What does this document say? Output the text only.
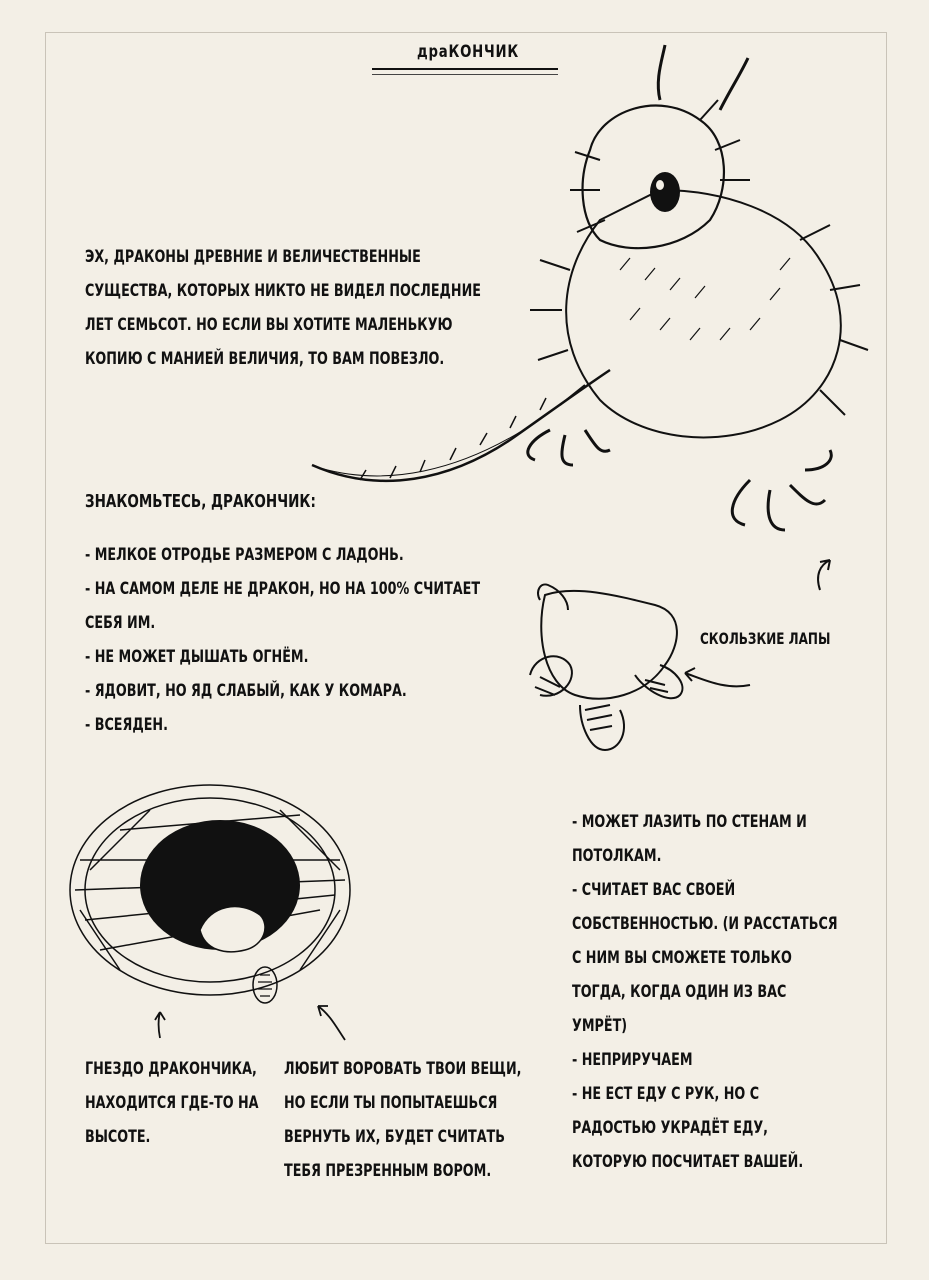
драКОНЧИК
ЭХ, ДРАКОНЫ ДРЕВНИЕ И ВЕЛИЧЕСТВЕННЫЕ
СУЩЕСТВА, КОТОРЫХ НИКТО НЕ ВИДЕЛ ПОСЛЕДНИЕ
ЛЕТ СЕМЬСОТ. НО ЕСЛИ ВЫ ХОТИТЕ МАЛЕНЬКУЮ
КОПИЮ С МАНИЕЙ ВЕЛИЧИЯ, ТО ВАМ ПОВЕЗЛО.
ЗНАКОМЬТЕСЬ, ДРАКОНЧИК:
- МЕЛКОЕ ОТРОДЬЕ РАЗМЕРОМ С ЛАДОНЬ.
- НА САМОМ ДЕЛЕ НЕ ДРАКОН, НО НА 100% СЧИТАЕТ
СЕБЯ ИМ.
- НЕ МОЖЕТ ДЫШАТЬ ОГНЁМ.
- ЯДОВИТ, НО ЯД СЛАБЫЙ, КАК У КОМАРА.
- ВСЕЯДЕН.
СКОЛЬЗКИЕ ЛАПЫ
- МОЖЕТ ЛАЗИТЬ ПО СТЕНАМ И
ПОТОЛКАМ.
- СЧИТАЕТ ВАС СВОЕЙ
СОБСТВЕННОСТЬЮ. (И РАССТАТЬСЯ
С НИМ ВЫ СМОЖЕТЕ ТОЛЬКО
ТОГДА, КОГДА ОДИН ИЗ ВАС
УМРЁТ)
- НЕПРИРУЧАЕМ
- НЕ ЕСТ ЕДУ С РУК, НО С
РАДОСТЬЮ УКРАДЁТ ЕДУ,
КОТОРУЮ ПОСЧИТАЕТ ВАШЕЙ.
ГНЕЗДО ДРАКОНЧИКА,
НАХОДИТСЯ ГДЕ-ТО НА
ВЫСОТЕ.
ЛЮБИТ ВОРОВАТЬ ТВОИ ВЕЩИ,
НО ЕСЛИ ТЫ ПОПЫТАЕШЬСЯ
ВЕРНУТЬ ИХ, БУДЕТ СЧИТАТЬ
ТЕБЯ ПРЕЗРЕННЫМ ВОРОМ.
